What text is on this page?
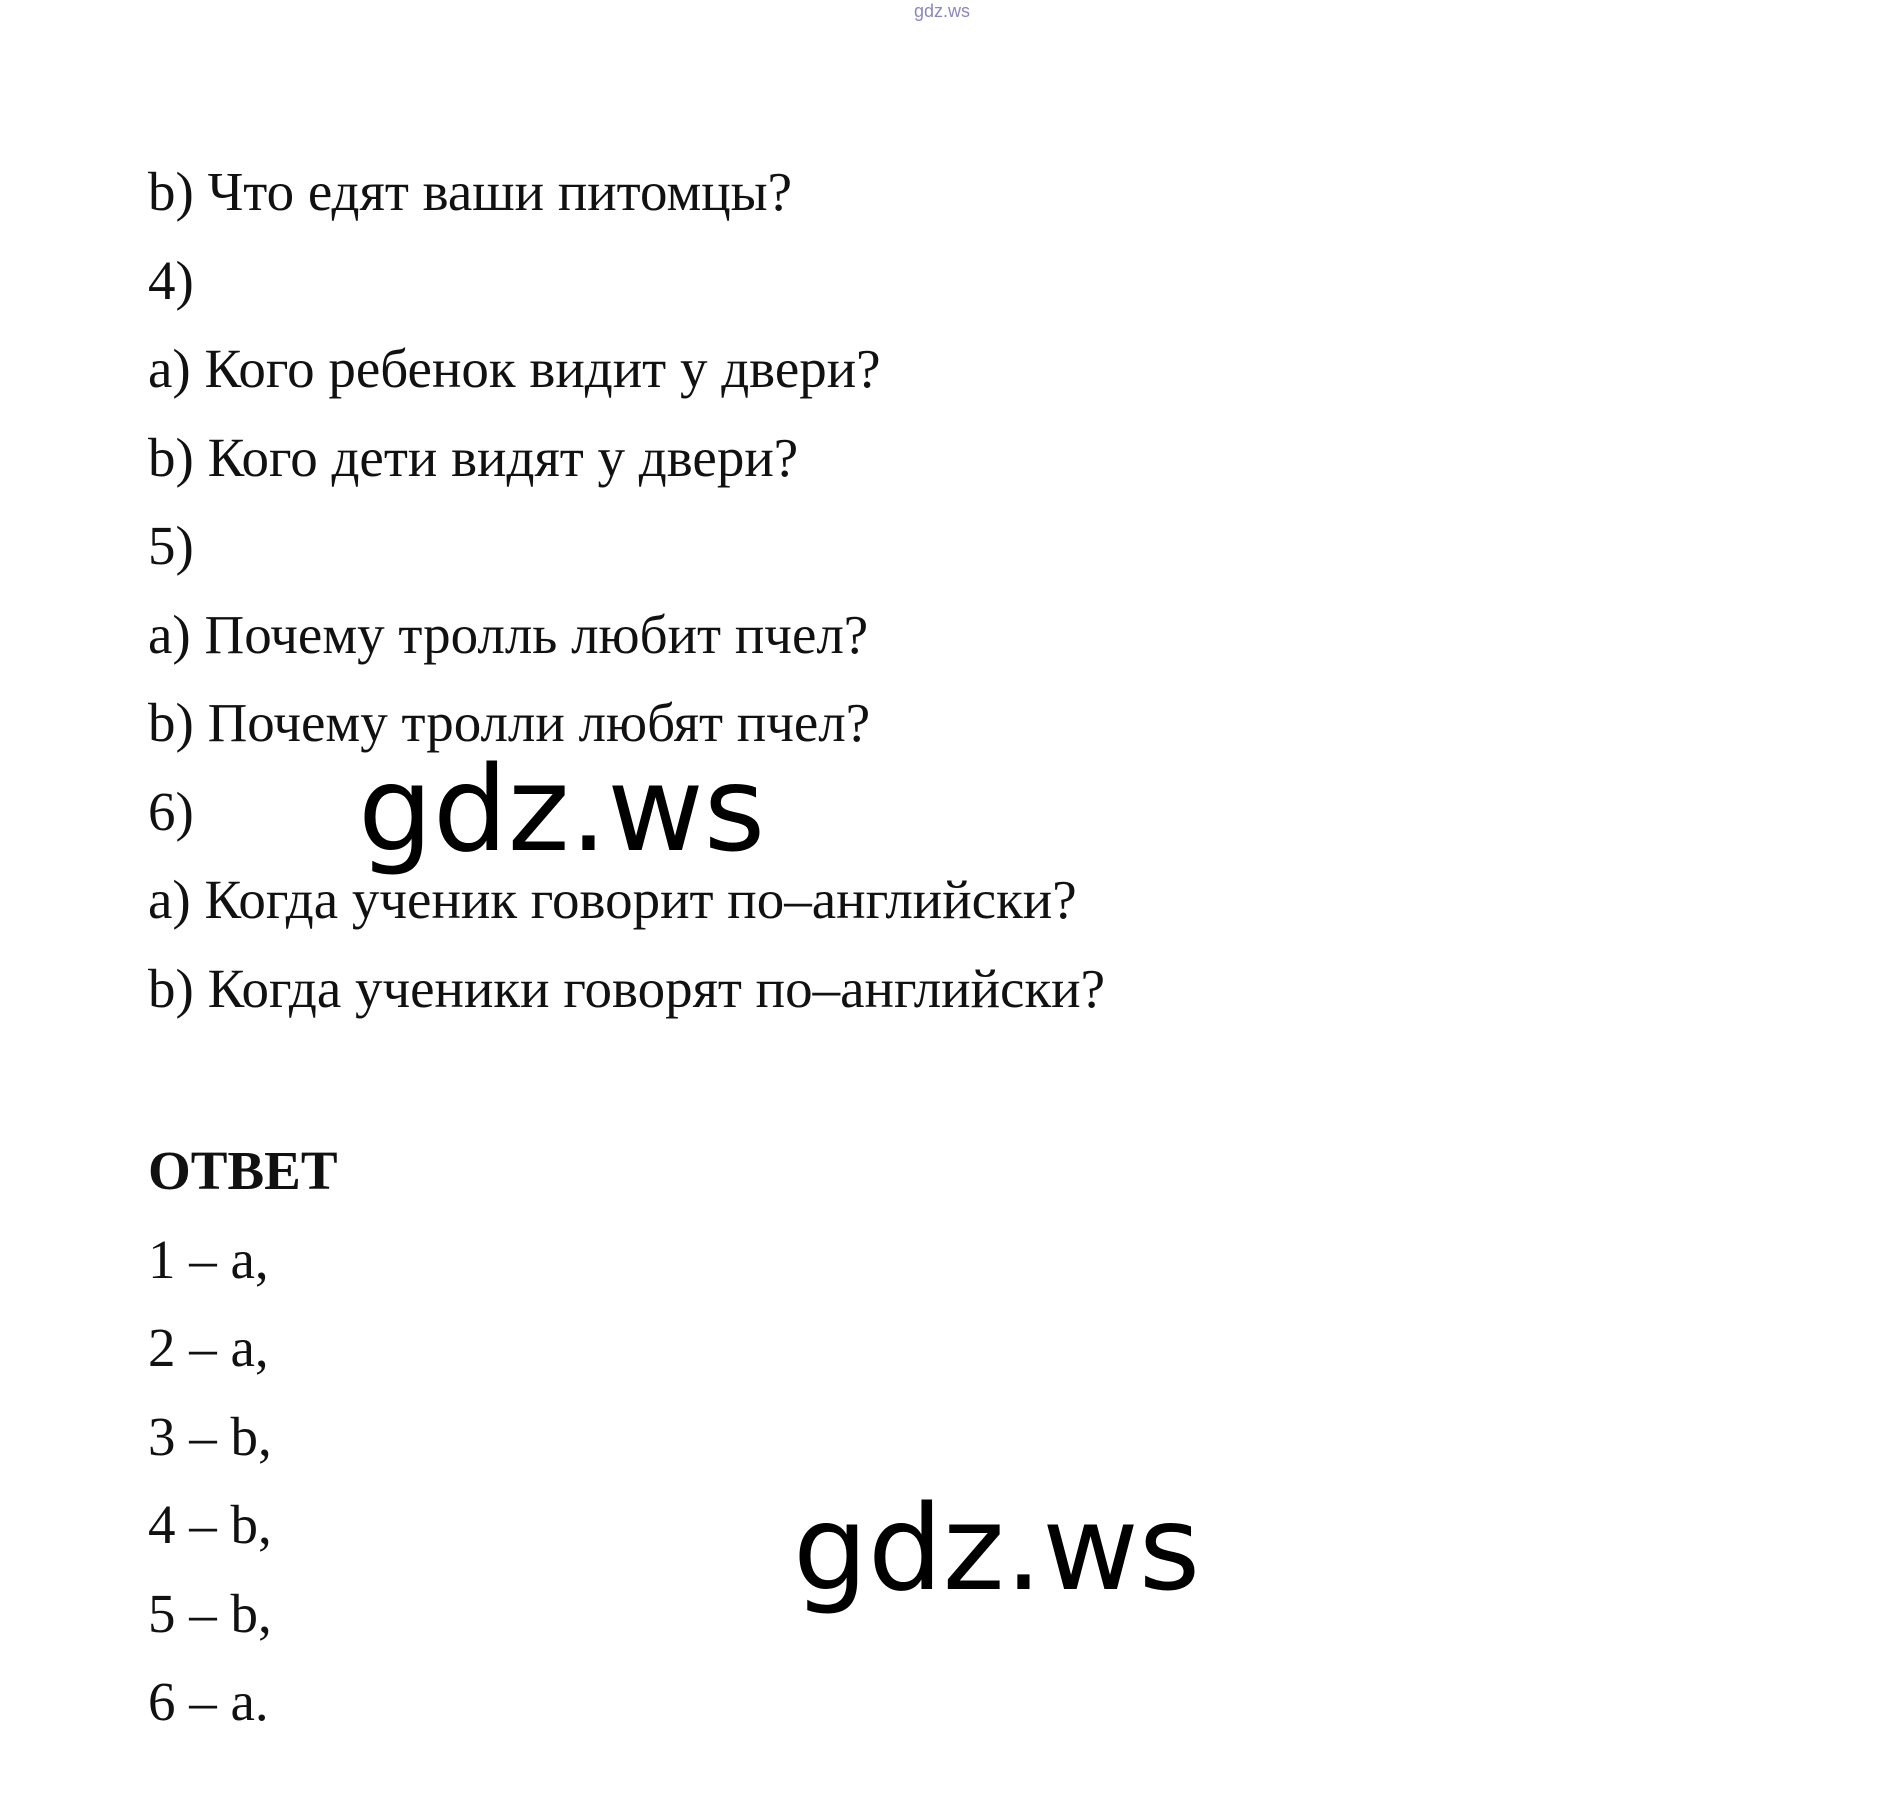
gdz.ws
b) Что едят ваши питомцы?
4)
a) Кого ребенок видит у двери?
b) Кого дети видят у двери?
5)
a) Почему тролль любит пчел?
b) Почему тролли любят пчел?
6)
a) Когда ученик говорит по–английски?
b) Когда ученики говорят по–английски?
ОТВЕТ
1 – a,
2 – a,
3 – b,
4 – b,
5 – b,
6 – a.
gdz.ws
gdz.ws
